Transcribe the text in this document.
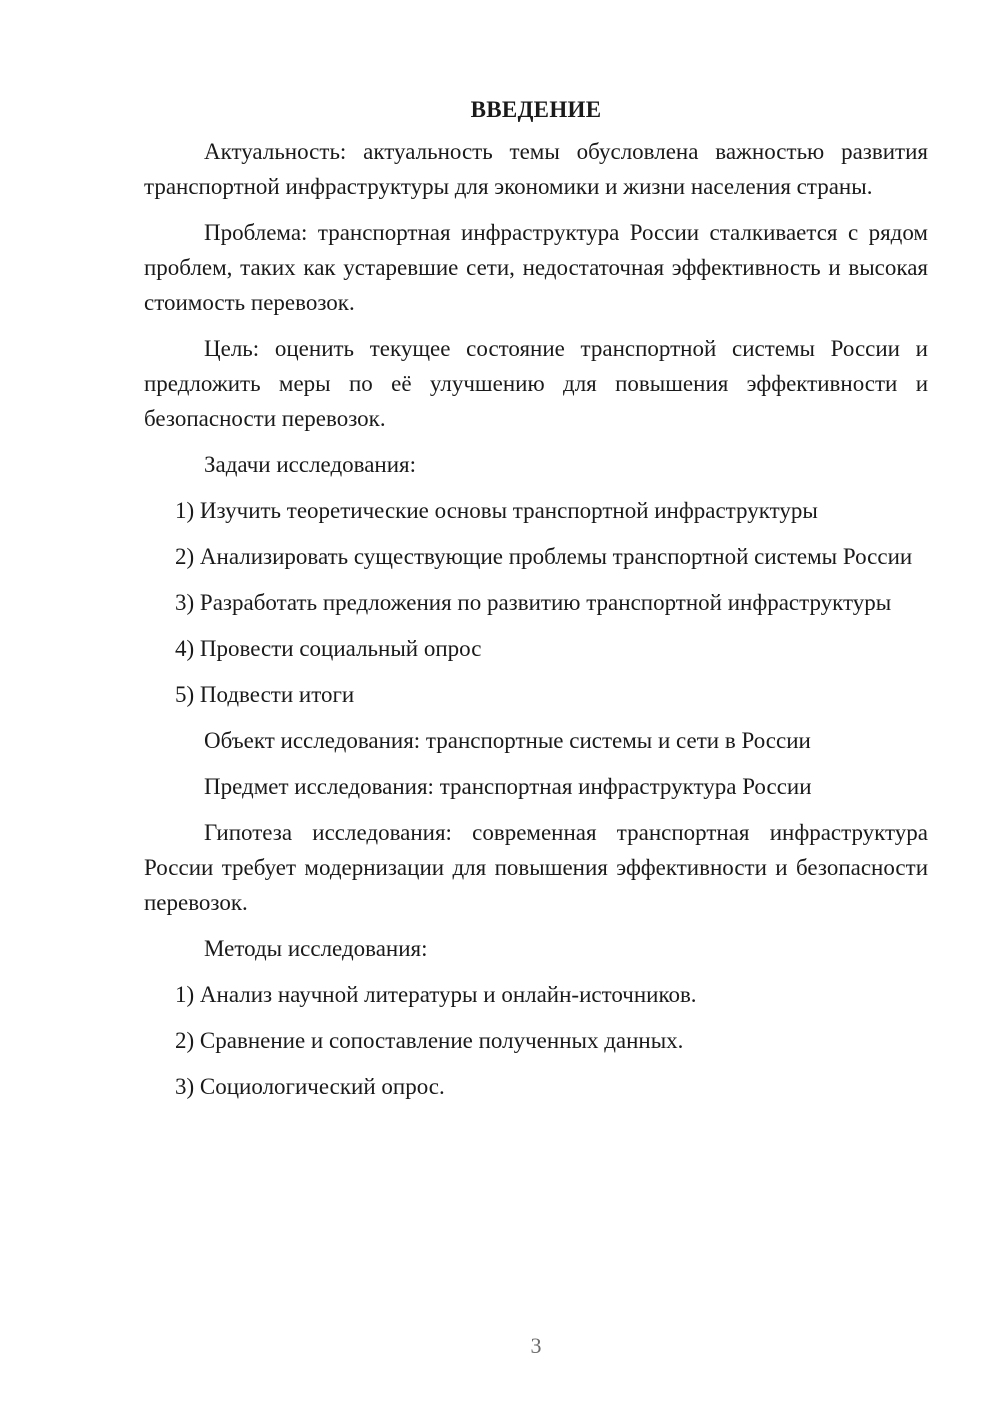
ВВЕДЕНИЕ

Актуальность: актуальность темы обусловлена важностью развития транспортной инфраструктуры для экономики и жизни населения страны.

Проблема: транспортная инфраструктура России сталкивается с рядом проблем, таких как устаревшие сети, недостаточная эффективность и высокая стоимость перевозок.

Цель: оценить текущее состояние транспортной системы России и предложить меры по её улучшению для повышения эффективности и безопасности перевозок.

Задачи исследования:

1) Изучить теоретические основы транспортной инфраструктуры

2) Анализировать существующие проблемы транспортной системы России

3) Разработать предложения по развитию транспортной инфраструктуры

4) Провести социальный опрос

5) Подвести итоги

Объект исследования: транспортные системы и сети в России

Предмет исследования: транспортная инфраструктура России

Гипотеза исследования: современная транспортная инфраструктура России требует модернизации для повышения эффективности и безопасности перевозок.

Методы исследования:

1) Анализ научной литературы и онлайн-источников.

2) Сравнение и сопоставление полученных данных.

3) Социологический опрос.

3
